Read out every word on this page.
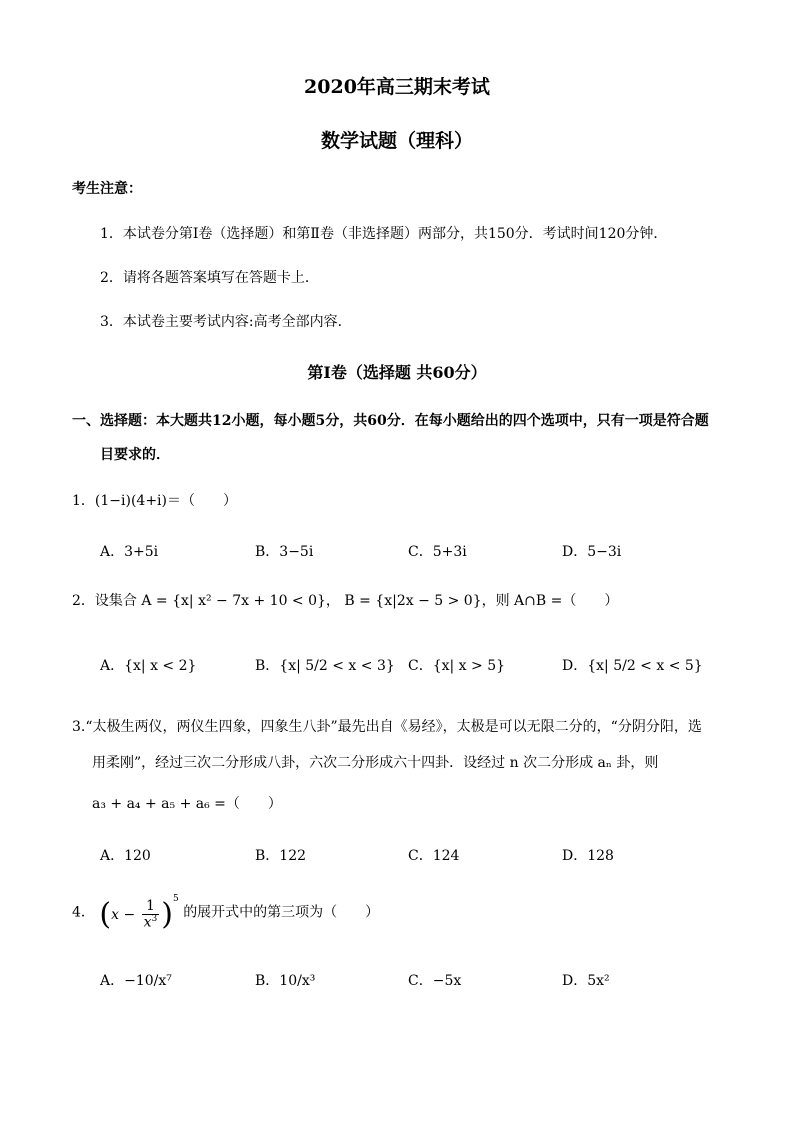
2020年高三期末考试
数学试题（理科）
考生注意：
1．本试卷分第Ⅰ卷（选择题）和第Ⅱ卷（非选择题）两部分，共150分．考试时间120分钟．
2．请将各题答案填写在答题卡上．
3．本试卷主要考试内容:高考全部内容．
第Ⅰ卷（选择题 共60分）
一、选择题：本大题共12小题，每小题5分，共60分．在每小题给出的四个选项中，只有一项是符合题
目要求的．
1．(1−i)(4+i)＝（　　）
A．3+5i	B．3−5i	C．5+3i	D．5−3i
2．设集合 A = {x| x² − 7x + 10 < 0}， B = {x|2x − 5 > 0}，则 A∩B =（　　）
A．{x| x < 2}	B．{x| 5/2 < x < 3} C．{x| x > 5}	D．{x| 5/2 < x < 5}
3.“太极生两仪，两仪生四象，四象生八卦”最先出自《易经》，太极是可以无限二分的，“分阴分阳，选
用柔刚”，经过三次二分形成八卦，六次二分形成六十四卦．设经过 n 次二分形成 aₙ 卦，则
a₃ + a₄ + a₅ + a₆ =（　　）
A．120	B．122	C．124	D．128
4． $(x - \frac{1}{x^3} )^5$ 的展开式中的第三项为（　　）
A．−10/x⁷	B．10/x³	C．−5x	D．5x²
